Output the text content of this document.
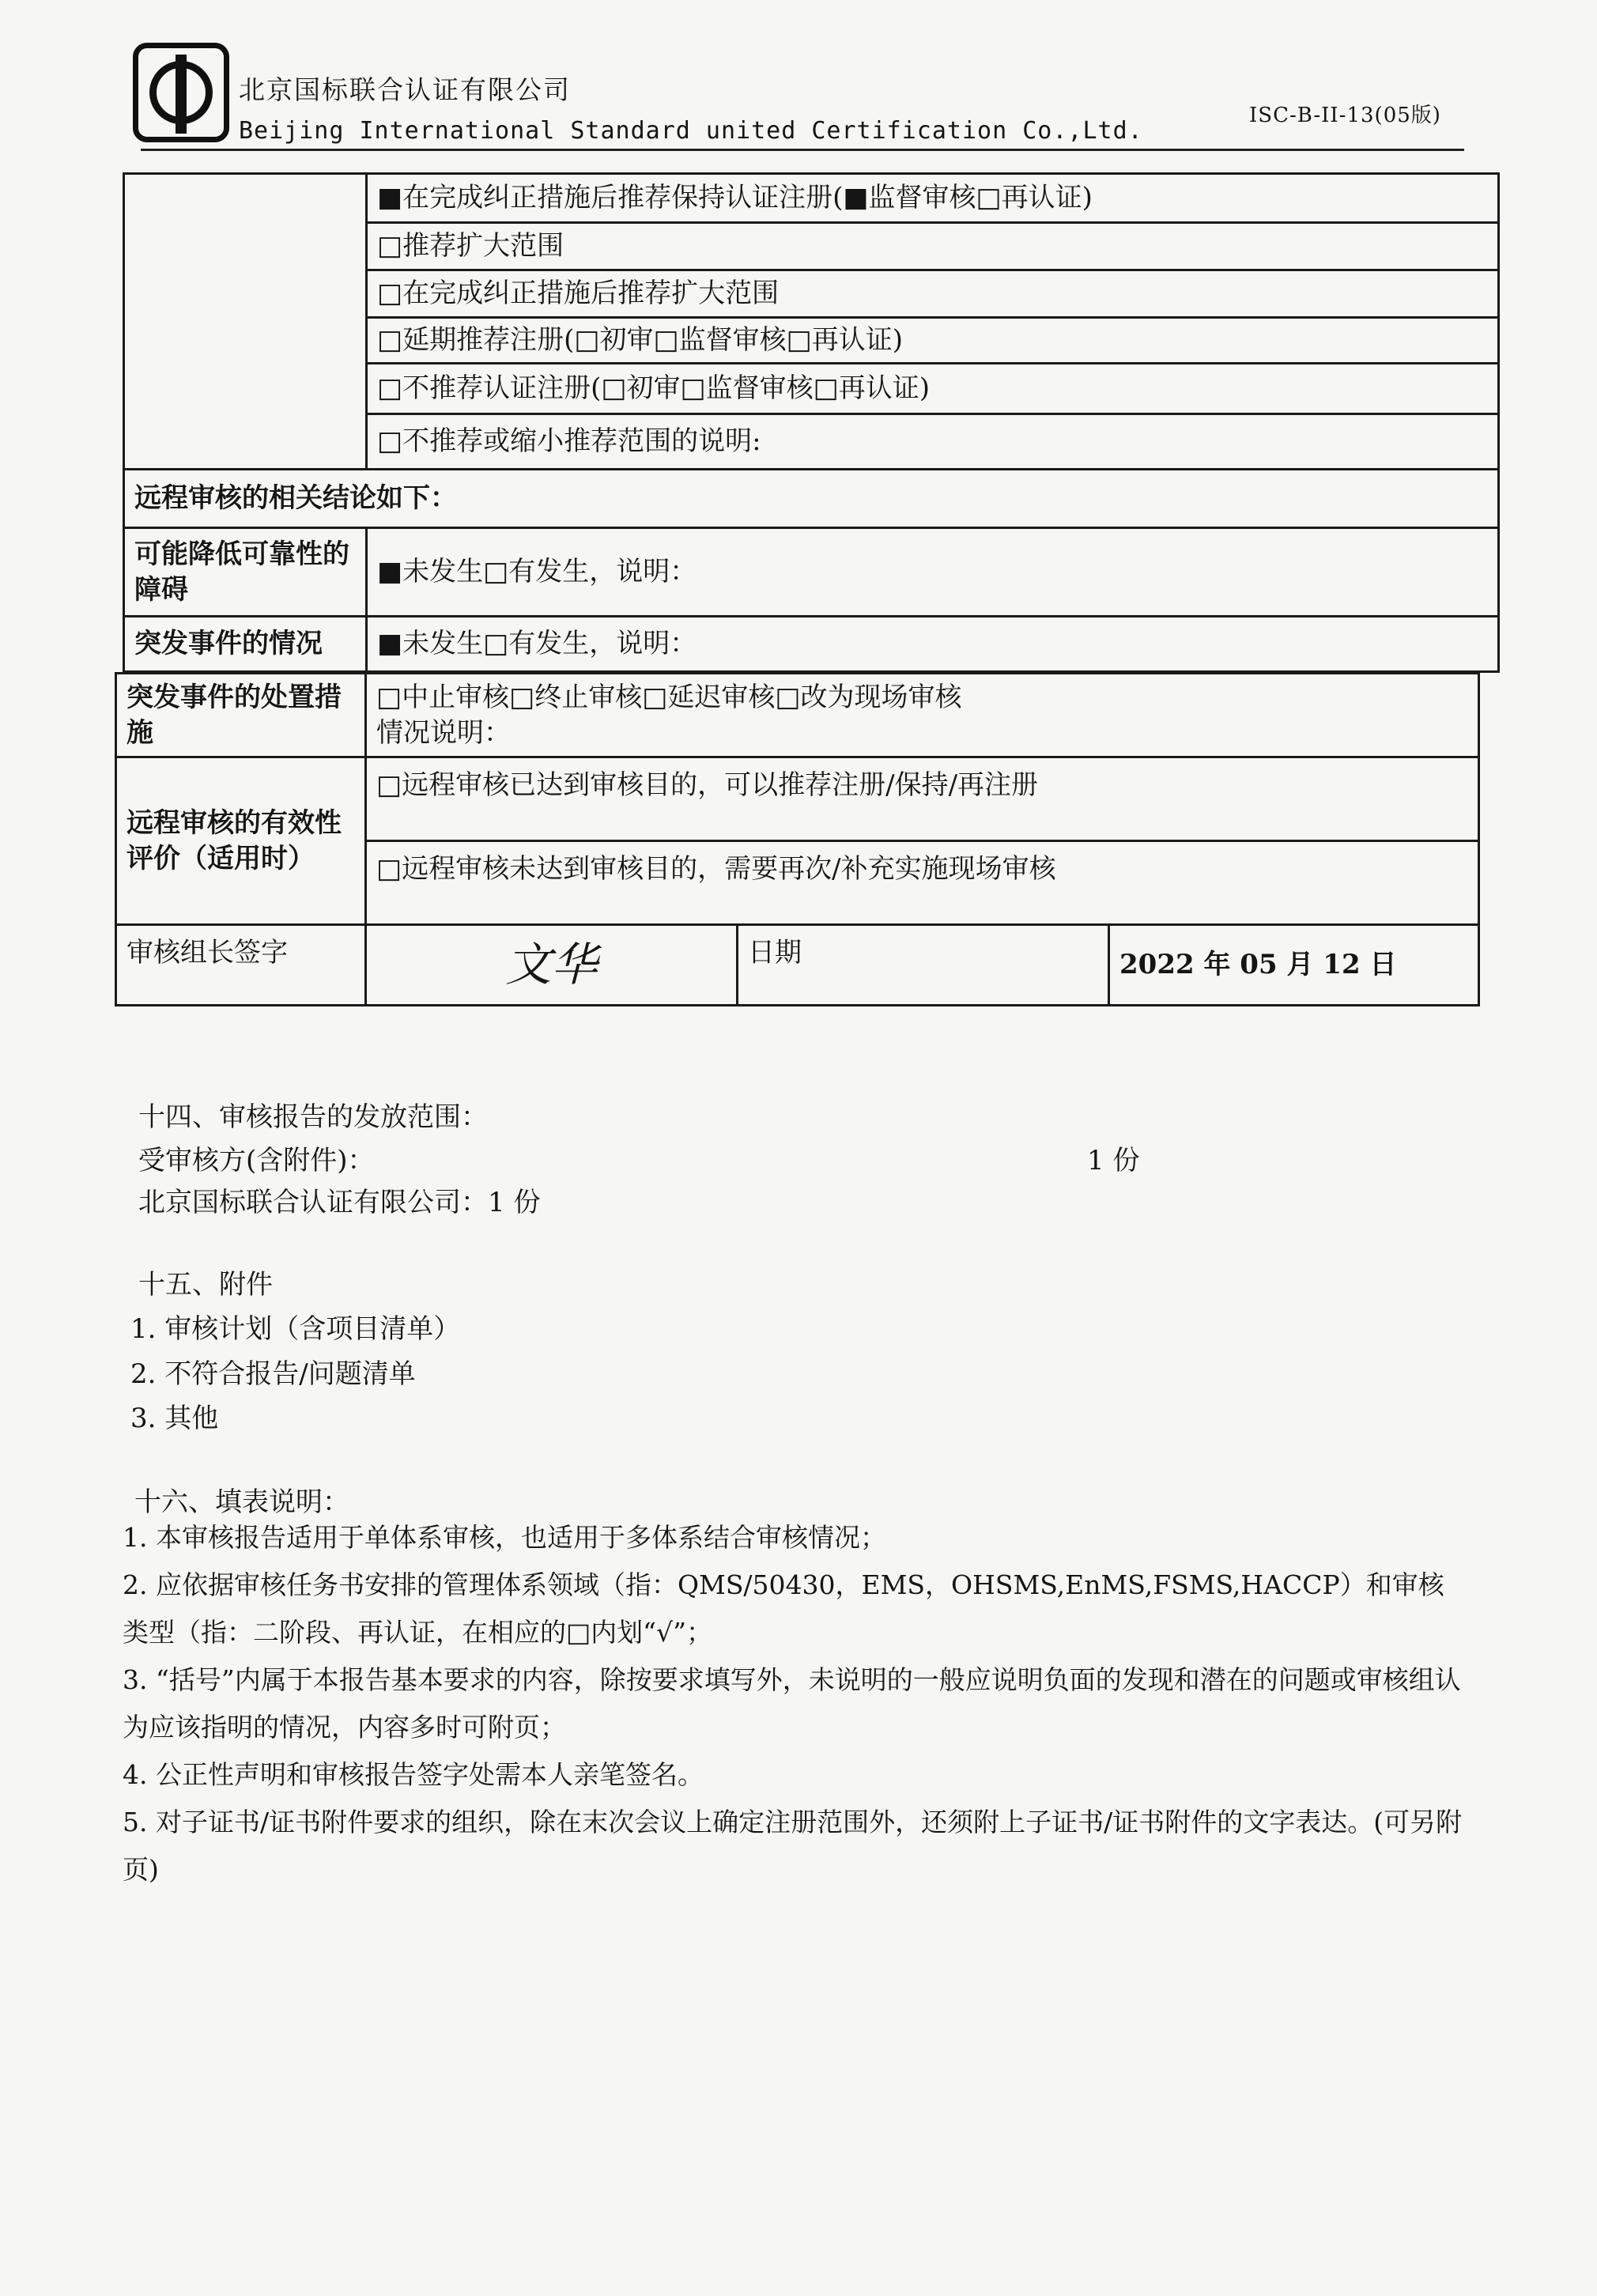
北京国标联合认证有限公司
Beijing International Standard united Certification Co.,Ltd.
ISC-B-II-13(05版)
	■在完成纠正措施后推荐保持认证注册(■监督审核□再认证)
	□推荐扩大范围
	□在完成纠正措施后推荐扩大范围
	□延期推荐注册(□初审□监督审核□再认证)
	□不推荐认证注册(□初审□监督审核□再认证)
	□不推荐或缩小推荐范围的说明:
远程审核的相关结论如下：	
可能降低可靠性的障碍	■未发生□有发生，说明：
突发事件的情况	■未发生□有发生，说明：
突发事件的处置措施	□中止审核□终止审核□延迟审核□改为现场审核
情况说明：		

远程审核的有效性评价（适用时）	□远程审核已达到审核目的，可以推荐注册/保持/再注册		
	□远程审核未达到审核目的，需要再次/补充实施现场审核		
审核组长签字	文华	日期	2022 年 05 月 12 日
十四、审核报告的发放范围：
受审核方(含附件)：	1 份
北京国标联合认证有限公司：1 份
十五、附件
1. 审核计划（含项目清单）
2. 不符合报告/问题清单
3. 其他
十六、填表说明：
1. 本审核报告适用于单体系审核，也适用于多体系结合审核情况；
2. 应依据审核任务书安排的管理体系领域（指：QMS/50430，EMS，OHSMS,EnMS,FSMS,HACCP）和审核类型（指：二阶段、再认证，在相应的□内划“√”；
3. “括号”内属于本报告基本要求的内容，除按要求填写外，未说明的一般应说明负面的发现和潜在的问题或审核组认为应该指明的情况，内容多时可附页；
4. 公正性声明和审核报告签字处需本人亲笔签名。
5. 对子证书/证书附件要求的组织，除在末次会议上确定注册范围外，还须附上子证书/证书附件的文字表达。(可另附页)
